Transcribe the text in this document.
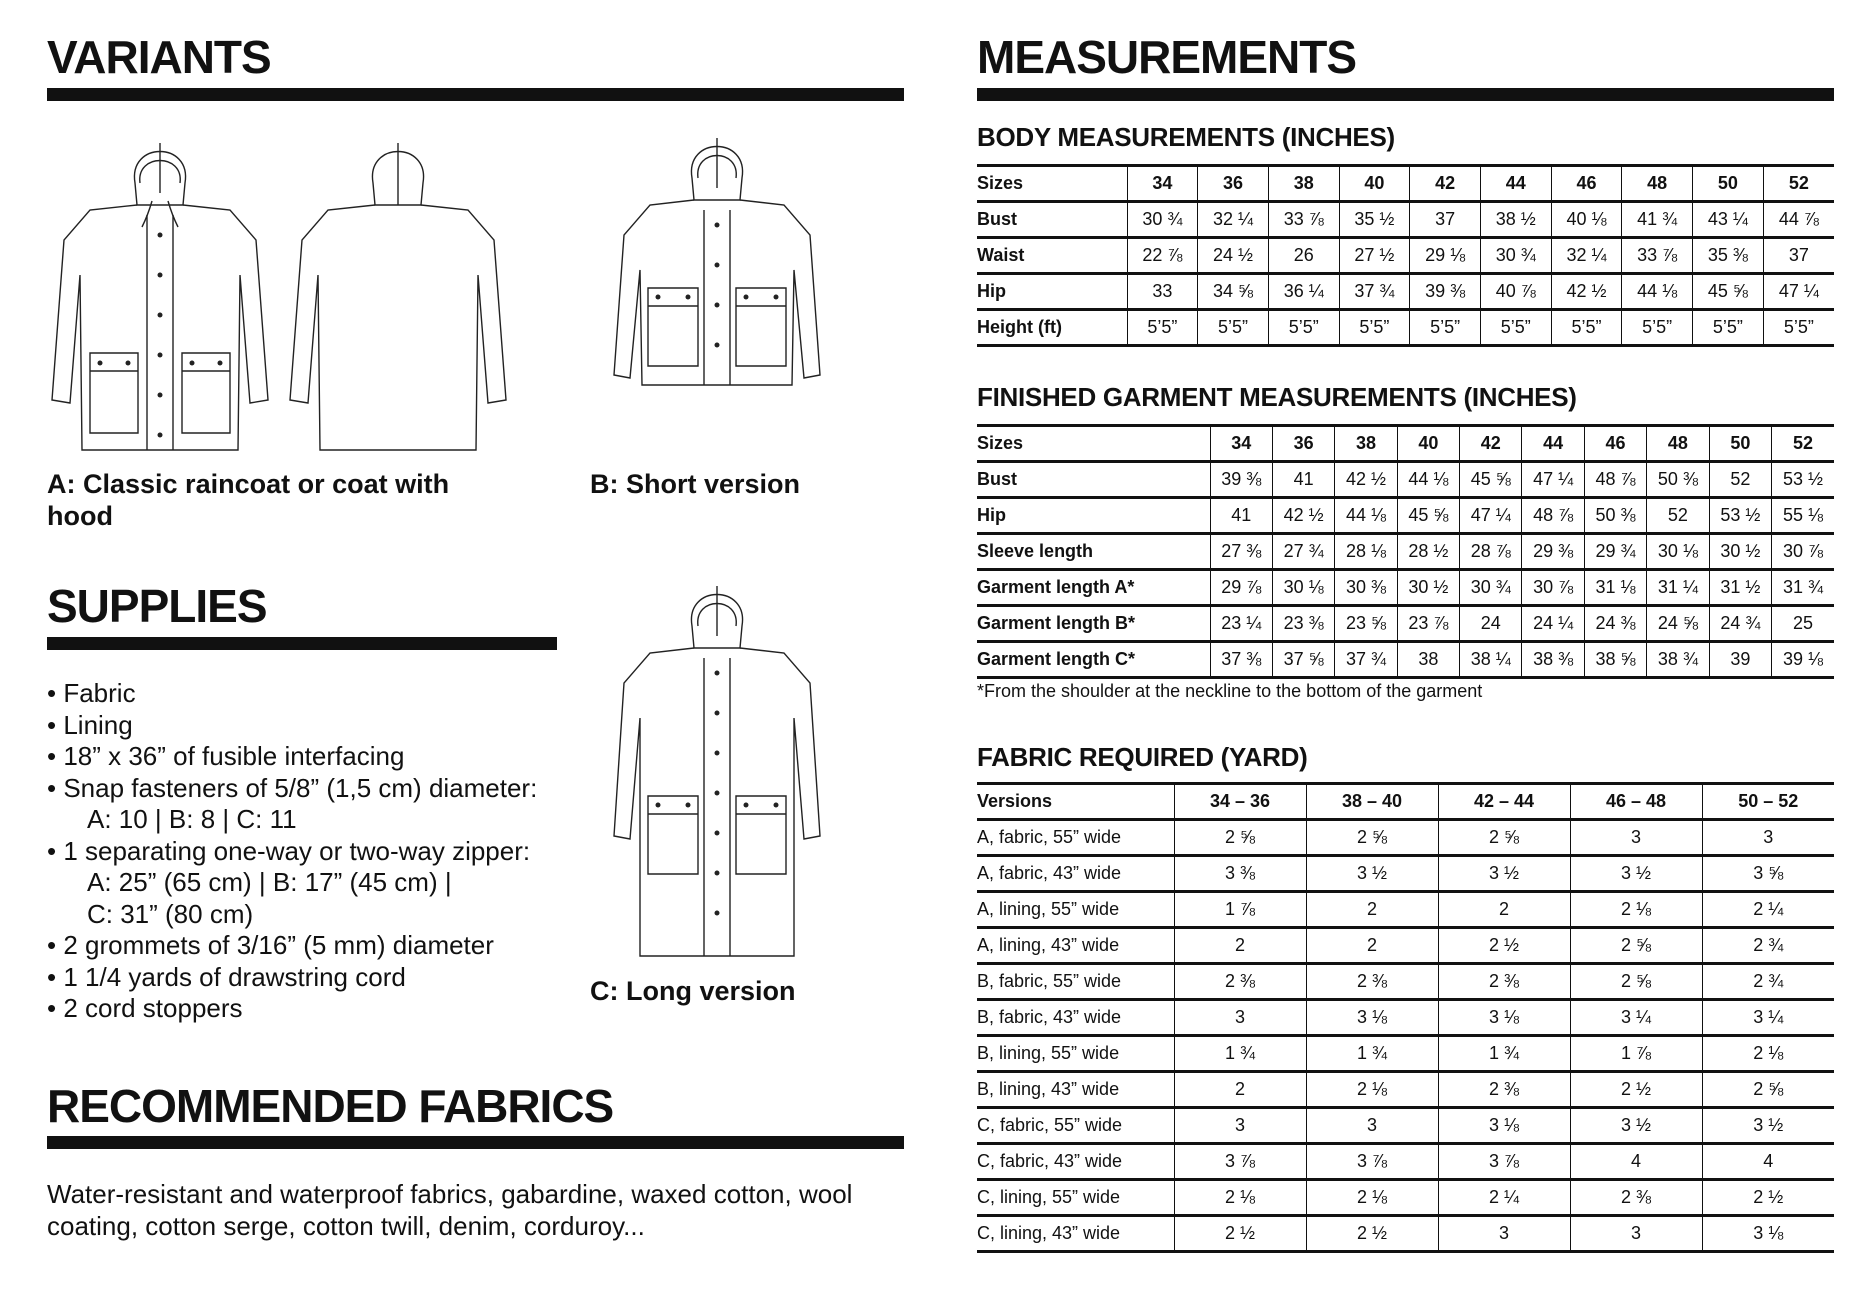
VARIANTS
A: Classic raincoat or coat with hood
B: Short version
SUPPLIES
• Fabric
• Lining
• 18” x 36” of fusible interfacing
• Snap fasteners of 5/8” (1,5 cm) diameter:
A: 10 | B: 8 | C: 11
• 1 separating one-way or two-way zipper:
A: 25” (65 cm) | B: 17” (45 cm) |
C: 31” (80 cm)
• 2 grommets of 3/16” (5 mm) diameter
• 1 1/4 yards of drawstring cord
• 2 cord stoppers
C: Long version
RECOMMENDED FABRICS

Water-resistant and waterproof fabrics, gabardine, waxed cotton, wool coating, cotton serge, cotton twill, denim, corduroy...

MEASUREMENTS
BODY MEASUREMENTS (INCHES)
Sizes	34	36	38	40	42	44	46	48	50	52
Bust	30 ¾	32 ¼	33 ⅞	35 ½	37	38 ½	40 ⅛	41 ¾	43 ¼	44 ⅞
Waist	22 ⅞	24 ½	26	27 ½	29 ⅛	30 ¾	32 ¼	33 ⅞	35 ⅜	37
Hip	33	34 ⅝	36 ¼	37 ¾	39 ⅜	40 ⅞	42 ½	44 ⅛	45 ⅝	47 ¼
Height (ft)	5’5”	5’5”	5’5”	5’5”	5’5”	5’5”	5’5”	5’5”	5’5”	5’5”
FINISHED GARMENT MEASUREMENTS (INCHES)
Sizes	34	36	38	40	42	44	46	48	50	52
Bust	39 ⅜	41	42 ½	44 ⅛	45 ⅝	47 ¼	48 ⅞	50 ⅜	52	53 ½
Hip	41	42 ½	44 ⅛	45 ⅝	47 ¼	48 ⅞	50 ⅜	52	53 ½	55 ⅛
Sleeve length	27 ⅜	27 ¾	28 ⅛	28 ½	28 ⅞	29 ⅜	29 ¾	30 ⅛	30 ½	30 ⅞
Garment length A*	29 ⅞	30 ⅛	30 ⅜	30 ½	30 ¾	30 ⅞	31 ⅛	31 ¼	31 ½	31 ¾
Garment length B*	23 ¼	23 ⅜	23 ⅝	23 ⅞	24	24 ¼	24 ⅜	24 ⅝	24 ¾	25
Garment length C*	37 ⅜	37 ⅝	37 ¾	38	38 ¼	38 ⅜	38 ⅝	38 ¾	39	39 ⅛
*From the shoulder at the neckline to the bottom of the garment
FABRIC REQUIRED (YARD)
Versions	34 – 36	38 – 40	42 – 44	46 – 48	50 – 52
A, fabric, 55” wide	2 ⅝	2 ⅝	2 ⅝	3	3
A, fabric, 43” wide	3 ⅜	3 ½	3 ½	3 ½	3 ⅝
A, lining, 55” wide	1 ⅞	2	2	2 ⅛	2 ¼
A, lining, 43” wide	2	2	2 ½	2 ⅝	2 ¾
B, fabric, 55” wide	2 ⅜	2 ⅜	2 ⅜	2 ⅝	2 ¾
B, fabric, 43” wide	3	3 ⅛	3 ⅛	3 ¼	3 ¼
B, lining, 55” wide	1 ¾	1 ¾	1 ¾	1 ⅞	2 ⅛
B, lining, 43” wide	2	2 ⅛	2 ⅜	2 ½	2 ⅝
C, fabric, 55” wide	3	3	3 ⅛	3 ½	3 ½
C, fabric, 43” wide	3 ⅞	3 ⅞	3 ⅞	4	4
C, lining, 55” wide	2 ⅛	2 ⅛	2 ¼	2 ⅜	2 ½
C, lining, 43” wide	2 ½	2 ½	3	3	3 ⅛
